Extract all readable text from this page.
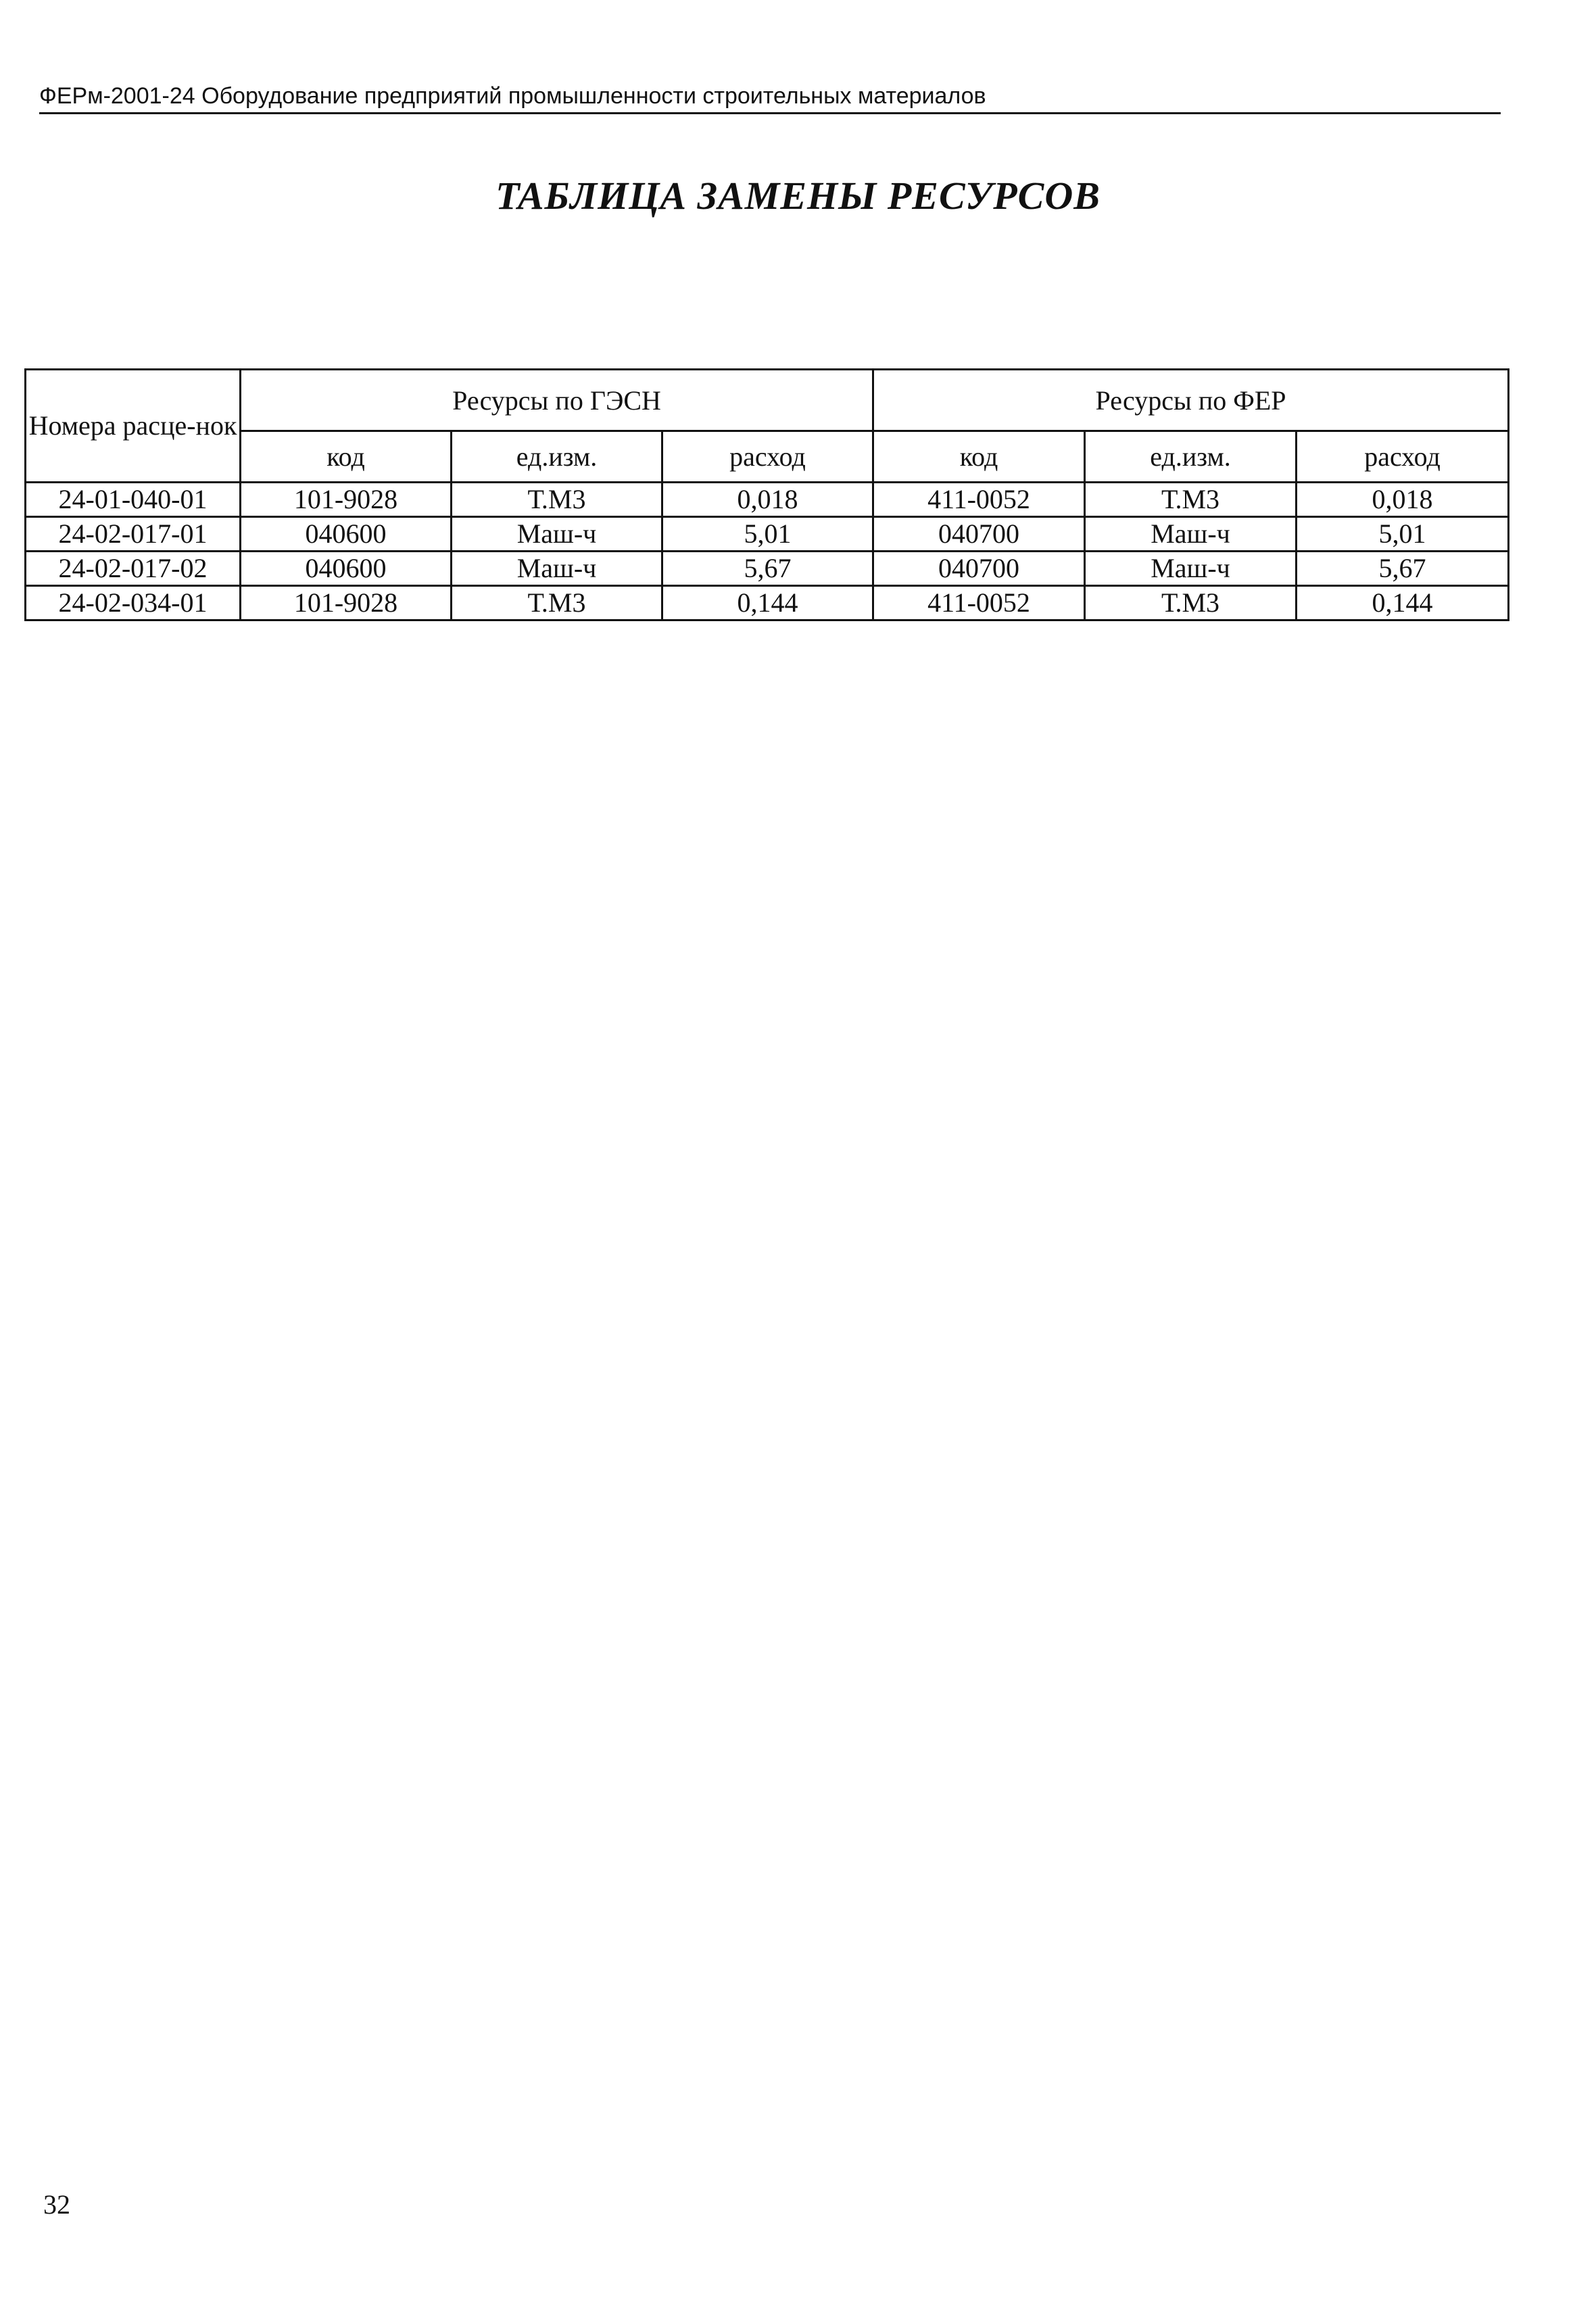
ФЕРм-2001-24 Оборудование предприятий промышленности строительных материалов
ТАБЛИЦА ЗАМЕНЫ РЕСУРСОВ
Номера расце-нок	Ресурсы по ГЭСН			Ресурсы по ФЕР		
	код	ед.изм.	расход	код	ед.изм.	расход
24-01-040-01	101-9028	Т.М3	0,018	411-0052	Т.М3	0,018
24-02-017-01	040600	Маш-ч	5,01	040700	Маш-ч	5,01
24-02-017-02	040600	Маш-ч	5,67	040700	Маш-ч	5,67
24-02-034-01	101-9028	Т.М3	0,144	411-0052	Т.М3	0,144
32
